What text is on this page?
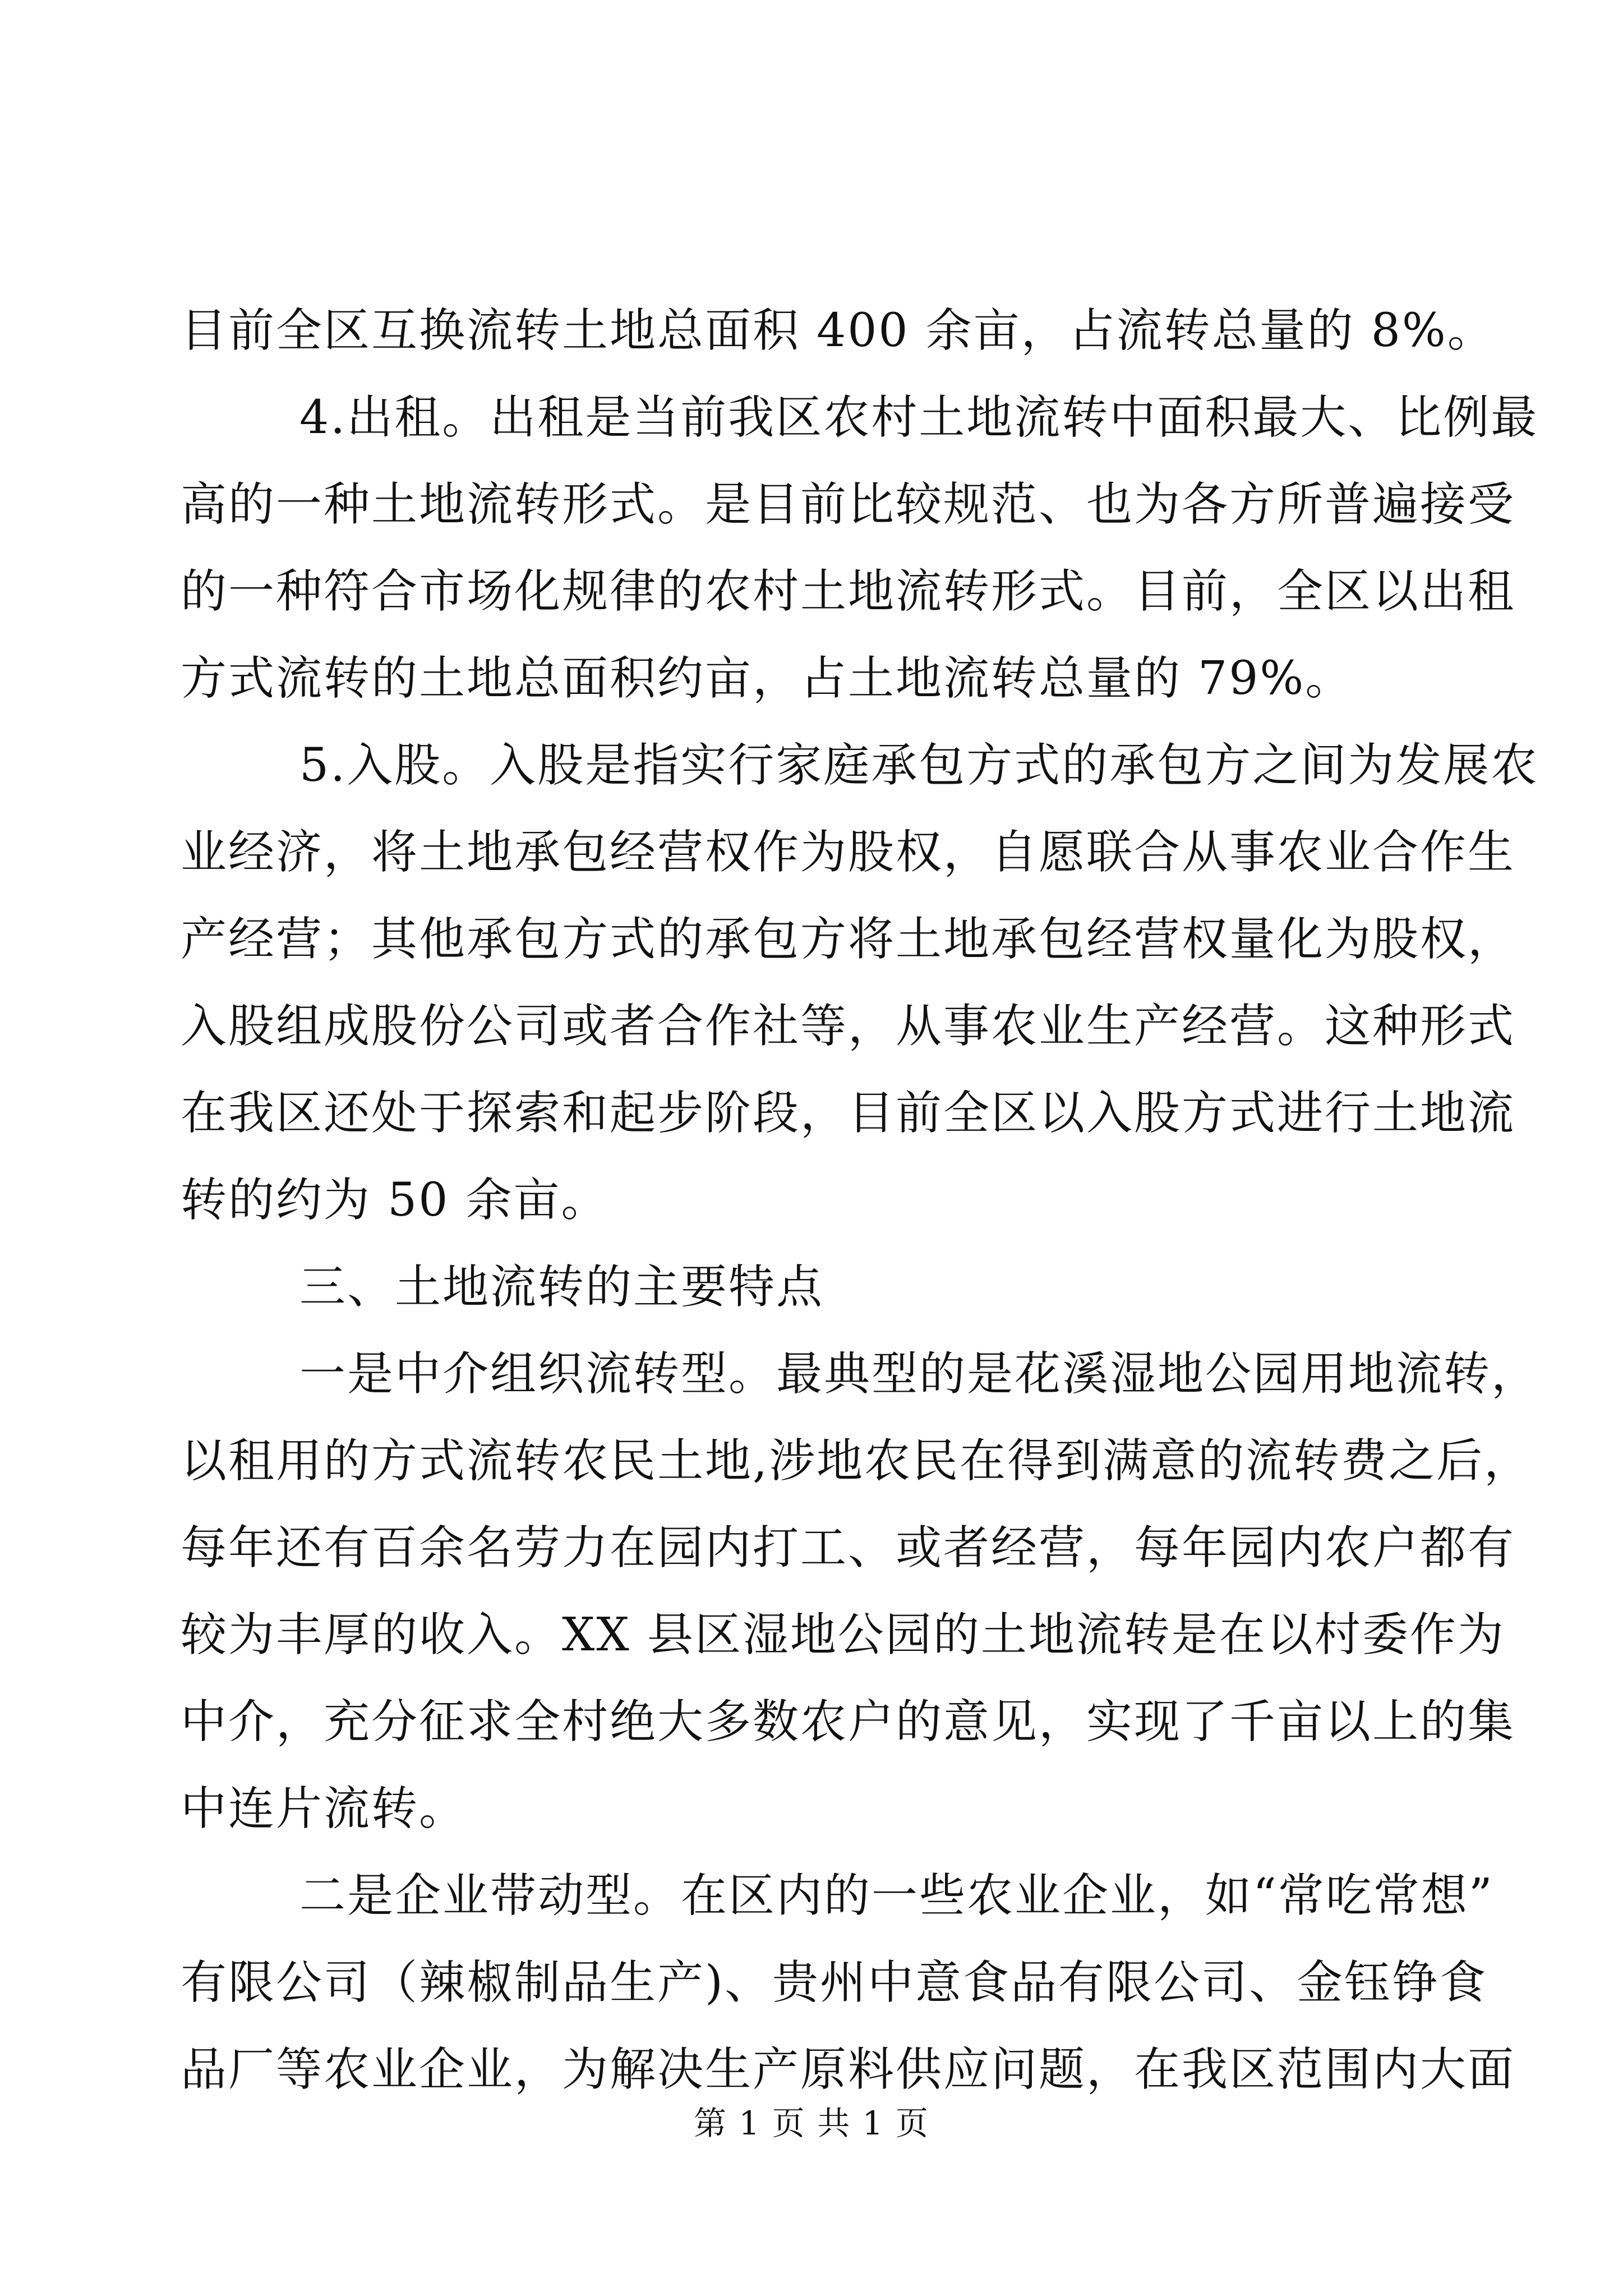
目前全区互换流转土地总面积 400 余亩，占流转总量的 8%。
4.出租。出租是当前我区农村土地流转中面积最大、比例最
高的一种土地流转形式。是目前比较规范、也为各方所普遍接受
的一种符合市场化规律的农村土地流转形式。目前，全区以出租
方式流转的土地总面积约亩，占土地流转总量的 79%。
5.入股。入股是指实行家庭承包方式的承包方之间为发展农
业经济，将土地承包经营权作为股权，自愿联合从事农业合作生
产经营；其他承包方式的承包方将土地承包经营权量化为股权，
入股组成股份公司或者合作社等，从事农业生产经营。这种形式
在我区还处于探索和起步阶段，目前全区以入股方式进行土地流
转的约为 50 余亩。
三、土地流转的主要特点
一是中介组织流转型。最典型的是花溪湿地公园用地流转，
以租用的方式流转农民土地,涉地农民在得到满意的流转费之后，
每年还有百余名劳力在园内打工、或者经营，每年园内农户都有
较为丰厚的收入。XX 县区湿地公园的土地流转是在以村委作为
中介，充分征求全村绝大多数农户的意见，实现了千亩以上的集
中连片流转。
二是企业带动型。在区内的一些农业企业，如“常吃常想”
有限公司（辣椒制品生产)、贵州中意食品有限公司、金钰铮食
品厂等农业企业，为解决生产原料供应问题，在我区范围内大面
第 1 页 共 1 页
